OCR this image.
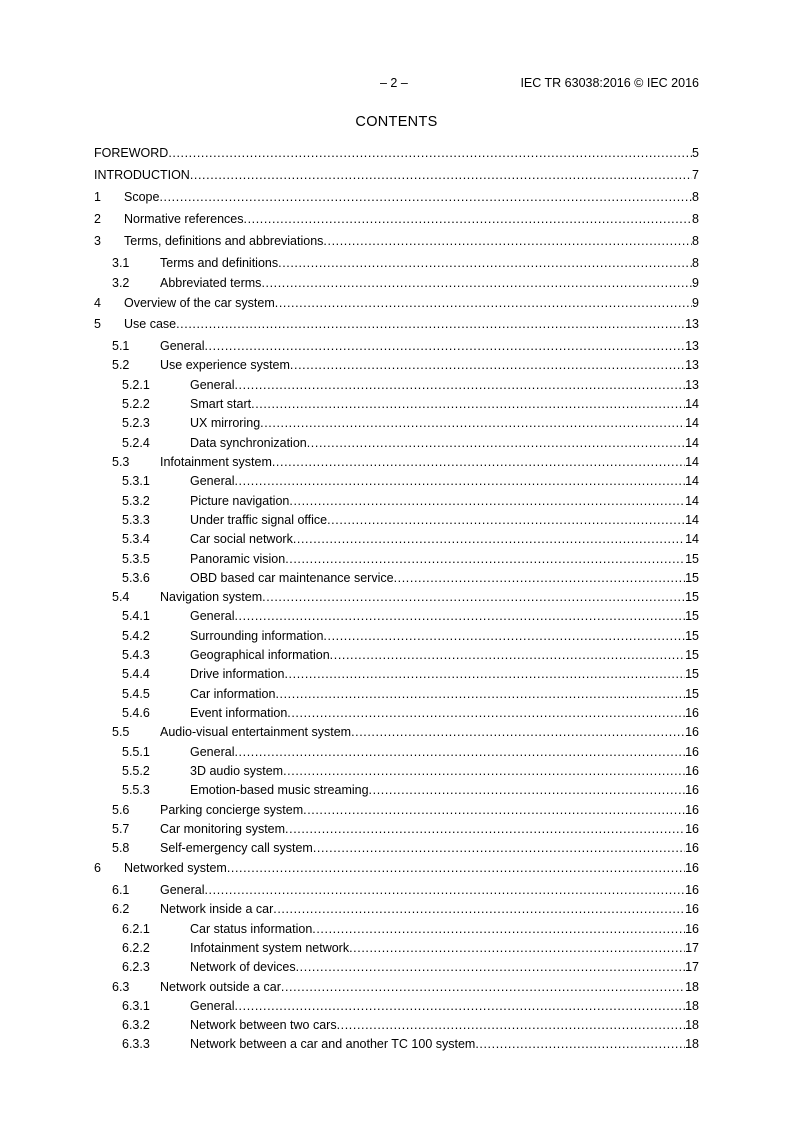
– 2 –	IEC TR 63038:2016 © IEC 2016
CONTENTS
FOREWORD .....	5
INTRODUCTION .....	7
1 Scope .....	8
2 Normative references .....	8
3 Terms, definitions and abbreviations .....	8
3.1 Terms and definitions .....	8
3.2 Abbreviated terms .....	9
4 Overview of the car system .....	9
5 Use case .....	13
5.1 General .....	13
5.2 Use experience system .....	13
5.2.1	General .....	13
5.2.2	Smart start .....	14
5.2.3	UX mirroring .....	14
5.2.4	Data synchronization .....	14
5.3 Infotainment system .....	14
5.3.1	General .....	14
5.3.2	Picture navigation .....	14
5.3.3	Under traffic signal office .....	14
5.3.4	Car social network .....	14
5.3.5	Panoramic vision .....	15
5.3.6	OBD based car maintenance service .....	15
5.4 Navigation system .....	15
5.4.1	General .....	15
5.4.2	Surrounding information .....	15
5.4.3	Geographical information .....	15
5.4.4	Drive information .....	15
5.4.5	Car information .....	15
5.4.6	Event information .....	16
5.5 Audio-visual entertainment system .....	16
5.5.1	General .....	16
5.5.2	3D audio system .....	16
5.5.3	Emotion-based music streaming .....	16
5.6 Parking concierge system .....	16
5.7 Car monitoring system .....	16
5.8 Self-emergency call system .....	16
6 Networked system .....	16
6.1 General .....	16
6.2 Network inside a car .....	16
6.2.1	Car status information .....	16
6.2.2	Infotainment system network .....	17
6.2.3	Network of devices .....	17
6.3 Network outside a car .....	18
6.3.1	General .....	18
6.3.2	Network between two cars .....	18
6.3.3	Network between a car and another TC 100 system .....	18
